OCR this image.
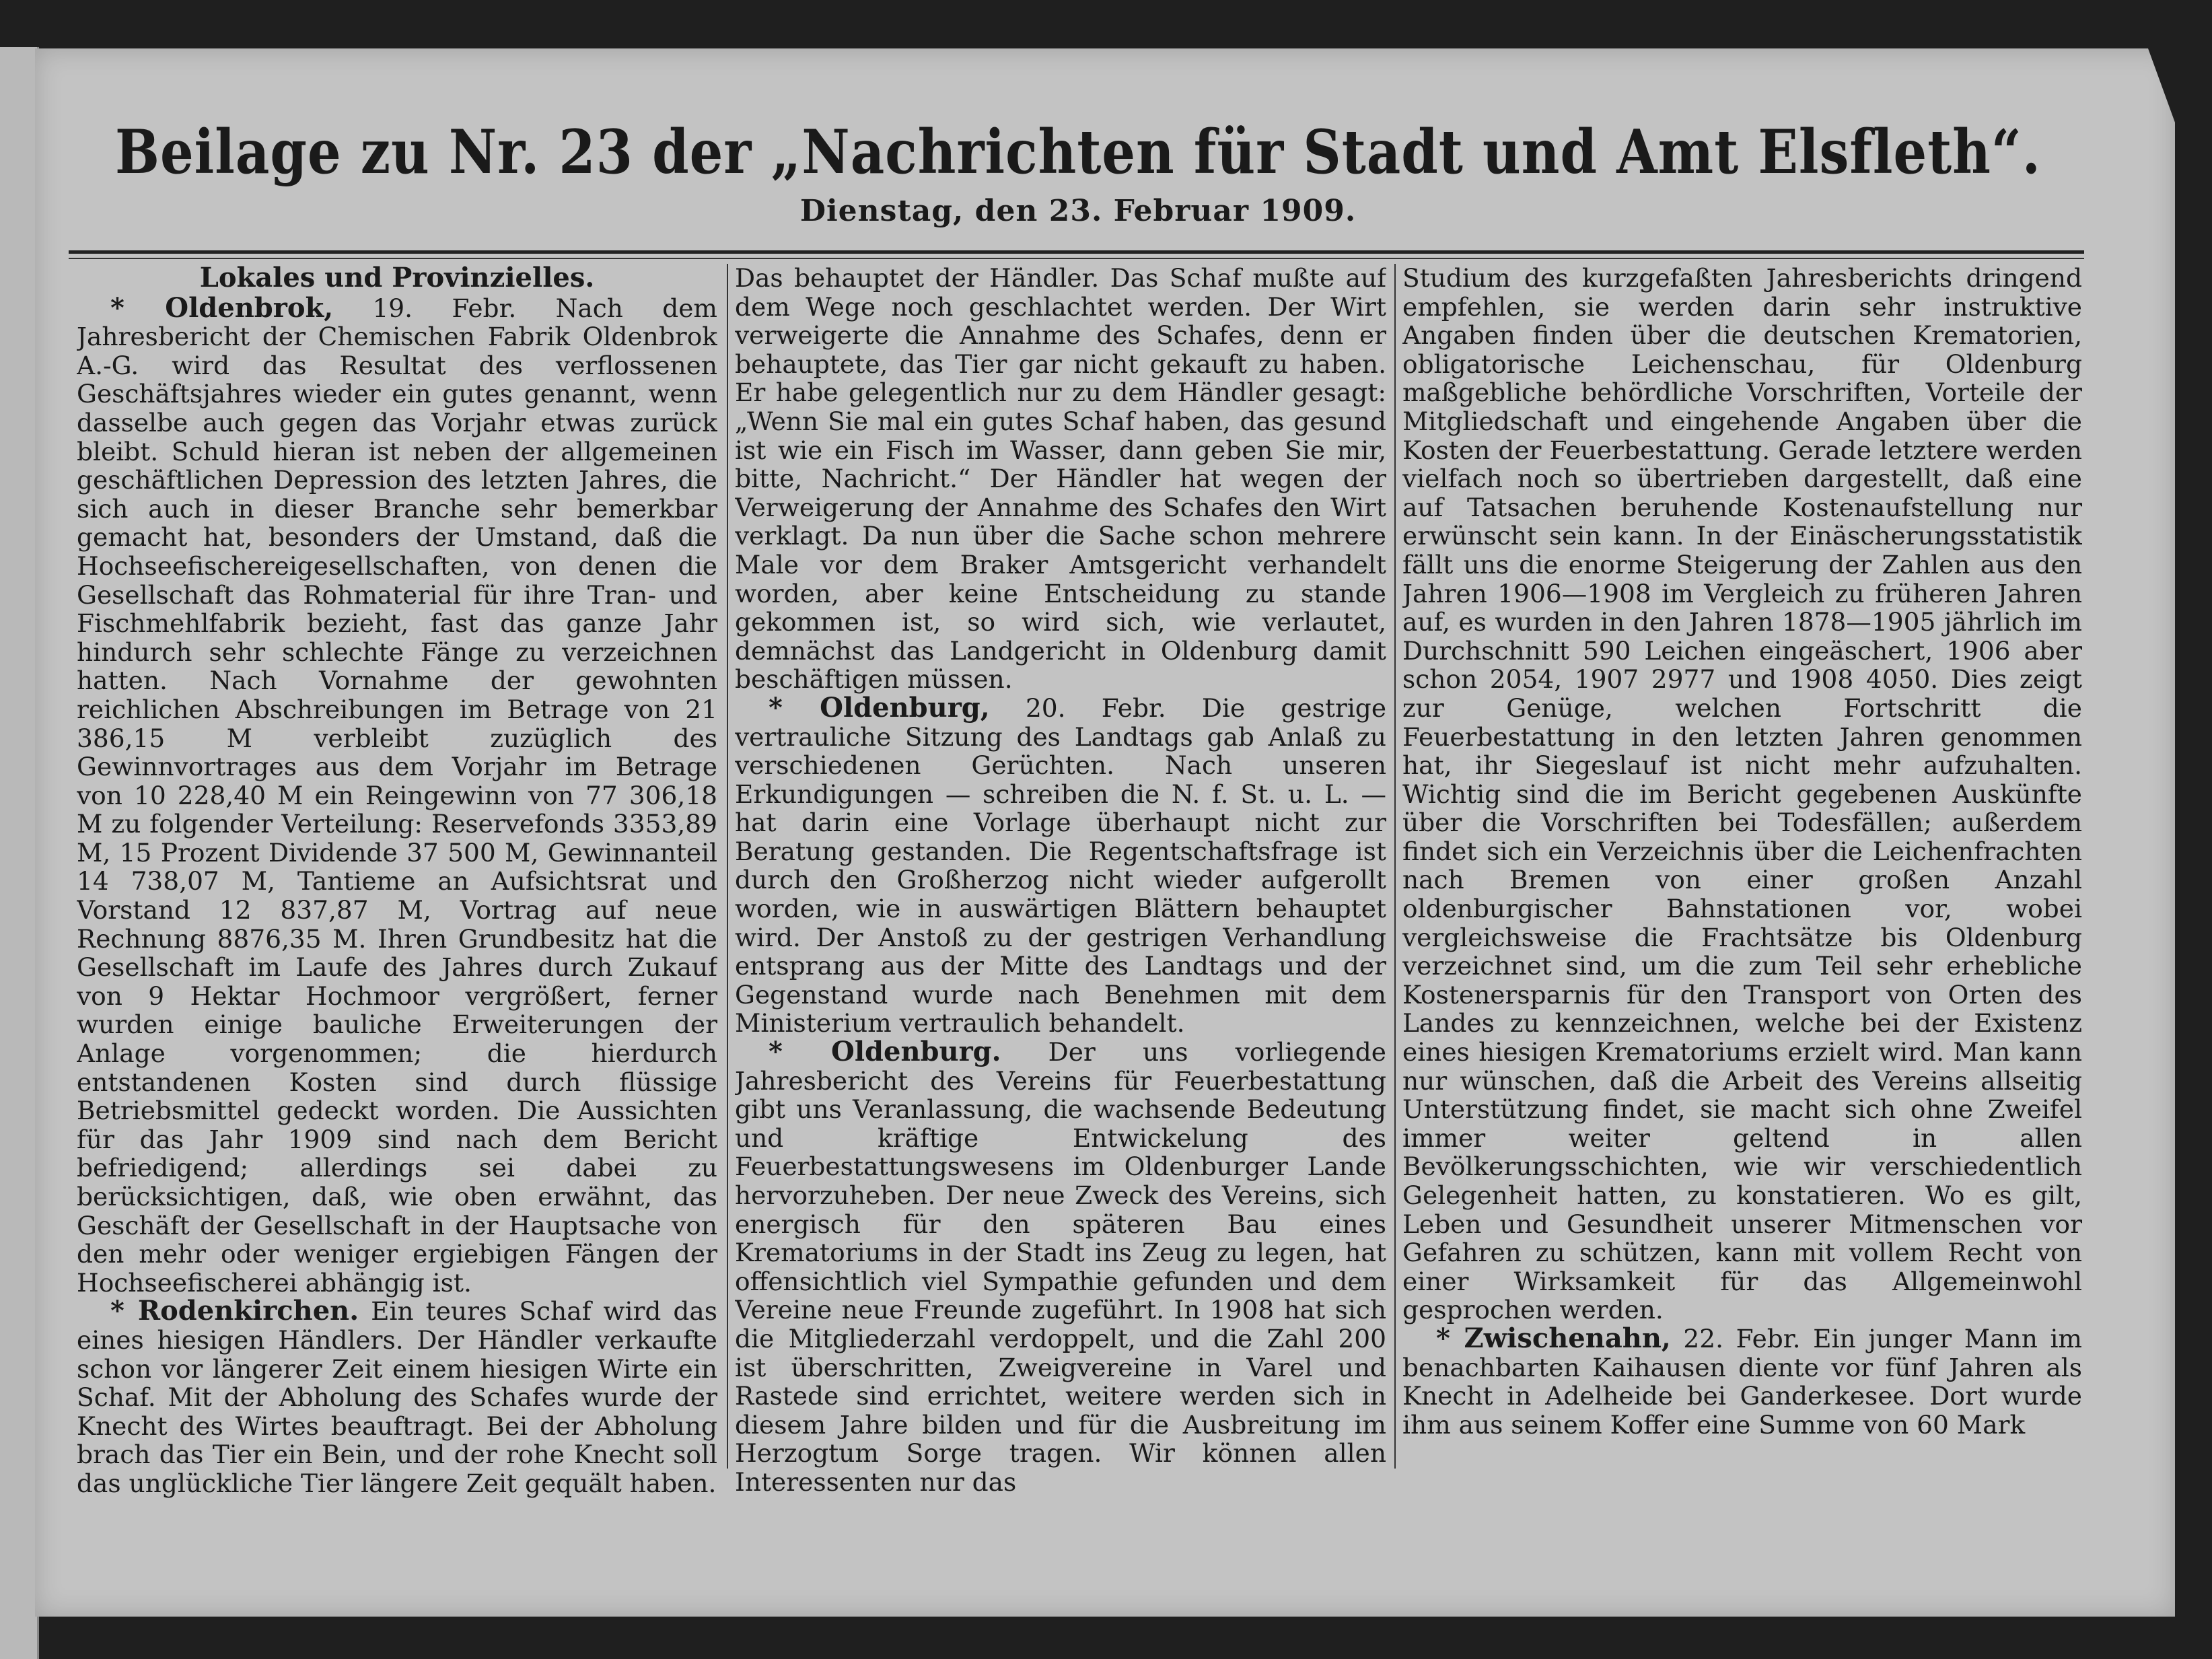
Beilage zu Nr. 23 der „Nachrichten für Stadt und Amt Elsfleth“.
Dienstag, den 23. Februar 1909.

Lokales und Provinzielles.

* Oldenbrok, 19. Febr. Nach dem Jahresbericht der Chemischen Fabrik Oldenbrok A.-G. wird das Resultat des verflossenen Geschäftsjahres wieder ein gutes genannt, wenn dasselbe auch gegen das Vorjahr etwas zurück bleibt. Schuld hieran ist neben der allgemeinen geschäftlichen Depression des letzten Jahres, die sich auch in dieser Branche sehr bemerkbar gemacht hat, besonders der Umstand, daß die Hochseefischereigesellschaften, von denen die Gesellschaft das Rohmaterial für ihre Tran- und Fischmehlfabrik bezieht, fast das ganze Jahr hindurch sehr schlechte Fänge zu verzeichnen hatten. Nach Vornahme der gewohnten reichlichen Abschreibungen im Betrage von 21 386,15 M verbleibt zuzüglich des Gewinnvortrages aus dem Vorjahr im Betrage von 10 228,40 M ein Reingewinn von 77 306,18 M zu folgender Verteilung: Reservefonds 3353,89 M, 15 Prozent Dividende 37 500 M, Gewinnanteil 14 738,07 M, Tantieme an Aufsichtsrat und Vorstand 12 837,87 M, Vortrag auf neue Rechnung 8876,35 M. Ihren Grundbesitz hat die Gesellschaft im Laufe des Jahres durch Zukauf von 9 Hektar Hochmoor vergrößert, ferner wurden einige bauliche Erweiterungen der Anlage vorgenommen; die hierdurch entstandenen Kosten sind durch flüssige Betriebsmittel gedeckt worden. Die Aussichten für das Jahr 1909 sind nach dem Bericht befriedigend; allerdings sei dabei zu berücksichtigen, daß, wie oben erwähnt, das Geschäft der Gesellschaft in der Hauptsache von den mehr oder weniger ergiebigen Fängen der Hochseefischerei abhängig ist.

* Rodenkirchen. Ein teures Schaf wird das eines hiesigen Händlers. Der Händler verkaufte schon vor längerer Zeit einem hiesigen Wirte ein Schaf. Mit der Abholung des Schafes wurde der Knecht des Wirtes beauftragt. Bei der Abholung brach das Tier ein Bein, und der rohe Knecht soll das unglückliche Tier längere Zeit gequält haben.

Das behauptet der Händler. Das Schaf mußte auf dem Wege noch geschlachtet werden. Der Wirt verweigerte die Annahme des Schafes, denn er behauptete, das Tier gar nicht gekauft zu haben. Er habe gelegentlich nur zu dem Händler gesagt: „Wenn Sie mal ein gutes Schaf haben, das gesund ist wie ein Fisch im Wasser, dann geben Sie mir, bitte, Nachricht.“ Der Händler hat wegen der Verweigerung der Annahme des Schafes den Wirt verklagt. Da nun über die Sache schon mehrere Male vor dem Braker Amtsgericht verhandelt worden, aber keine Entscheidung zu stande gekommen ist, so wird sich, wie verlautet, demnächst das Landgericht in Oldenburg damit beschäftigen müssen.

* Oldenburg, 20. Febr. Die gestrige vertrauliche Sitzung des Landtags gab Anlaß zu verschiedenen Gerüchten. Nach unseren Erkundigungen — schreiben die N. f. St. u. L. — hat darin eine Vorlage überhaupt nicht zur Beratung gestanden. Die Regentschaftsfrage ist durch den Großherzog nicht wieder aufgerollt worden, wie in auswärtigen Blättern behauptet wird. Der Anstoß zu der gestrigen Verhandlung entsprang aus der Mitte des Landtags und der Gegenstand wurde nach Benehmen mit dem Ministerium vertraulich behandelt.

* Oldenburg. Der uns vorliegende Jahresbericht des Vereins für Feuerbestattung gibt uns Veranlassung, die wachsende Bedeutung und kräftige Entwickelung des Feuerbestattungswesens im Oldenburger Lande hervorzuheben. Der neue Zweck des Vereins, sich energisch für den späteren Bau eines Krematoriums in der Stadt ins Zeug zu legen, hat offensichtlich viel Sympathie gefunden und dem Vereine neue Freunde zugeführt. In 1908 hat sich die Mitgliederzahl verdoppelt, und die Zahl 200 ist überschritten, Zweigvereine in Varel und Rastede sind errichtet, weitere werden sich in diesem Jahre bilden und für die Ausbreitung im Herzogtum Sorge tragen. Wir können allen Interessenten nur das

Studium des kurzgefaßten Jahresberichts dringend empfehlen, sie werden darin sehr instruktive Angaben finden über die deutschen Krematorien, obligatorische Leichenschau, für Oldenburg maßgebliche behördliche Vorschriften, Vorteile der Mitgliedschaft und eingehende Angaben über die Kosten der Feuerbestattung. Gerade letztere werden vielfach noch so übertrieben dargestellt, daß eine auf Tatsachen beruhende Kostenaufstellung nur erwünscht sein kann. In der Einäscherungsstatistik fällt uns die enorme Steigerung der Zahlen aus den Jahren 1906—1908 im Vergleich zu früheren Jahren auf, es wurden in den Jahren 1878—1905 jährlich im Durchschnitt 590 Leichen eingeäschert, 1906 aber schon 2054, 1907 2977 und 1908 4050. Dies zeigt zur Genüge, welchen Fortschritt die Feuerbestattung in den letzten Jahren genommen hat, ihr Siegeslauf ist nicht mehr aufzuhalten. Wichtig sind die im Bericht gegebenen Auskünfte über die Vorschriften bei Todesfällen; außerdem findet sich ein Verzeichnis über die Leichenfrachten nach Bremen von einer großen Anzahl oldenburgischer Bahnstationen vor, wobei vergleichsweise die Frachtsätze bis Oldenburg verzeichnet sind, um die zum Teil sehr erhebliche Kostenersparnis für den Transport von Orten des Landes zu kennzeichnen, welche bei der Existenz eines hiesigen Krematoriums erzielt wird. Man kann nur wünschen, daß die Arbeit des Vereins allseitig Unterstützung findet, sie macht sich ohne Zweifel immer weiter geltend in allen Bevölkerungsschichten, wie wir verschiedentlich Gelegenheit hatten, zu konstatieren. Wo es gilt, Leben und Gesundheit unserer Mitmenschen vor Gefahren zu schützen, kann mit vollem Recht von einer Wirksamkeit für das Allgemeinwohl gesprochen werden.

* Zwischenahn, 22. Febr. Ein junger Mann im benachbarten Kaihausen diente vor fünf Jahren als Knecht in Adelheide bei Ganderkesee. Dort wurde ihm aus seinem Koffer eine Summe von 60 Mark
